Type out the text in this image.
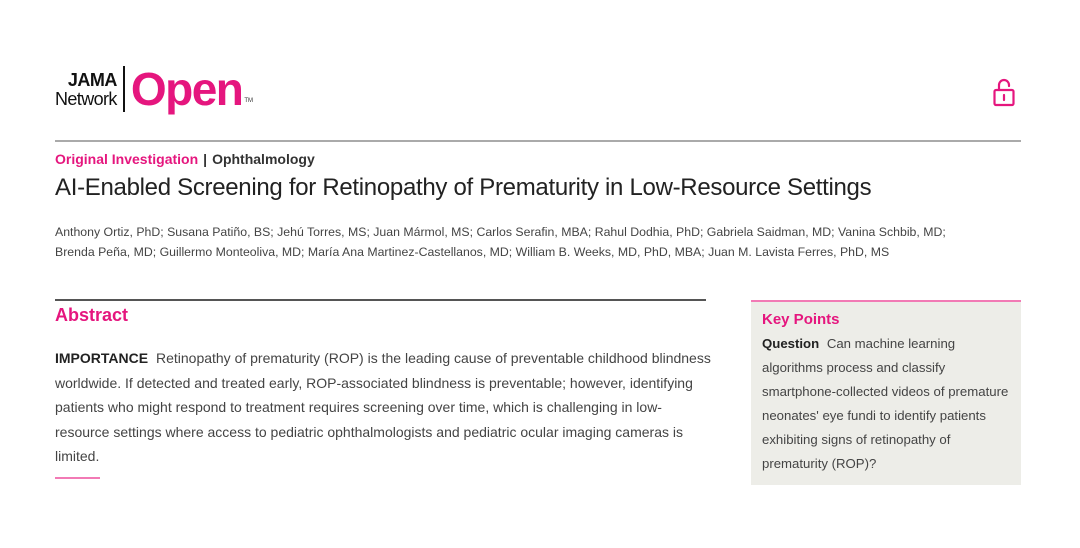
JAMA
Network Open TM
Original Investigation | Ophthalmology
AI-Enabled Screening for Retinopathy of Prematurity in Low-Resource Settings
Anthony Ortiz, PhD; Susana Patiño, BS; Jehú Torres, MS; Juan Mármol, MS; Carlos Serafin, MBA; Rahul Dodhia, PhD; Gabriela Saidman, MD; Vanina Schbib, MD;
Brenda Peña, MD; Guillermo Monteoliva, MD; María Ana Martinez-Castellanos, MD; William B. Weeks, MD, PhD, MBA; Juan M. Lavista Ferres, PhD, MS
Abstract

IMPORTANCE Retinopathy of prematurity (ROP) is the leading cause of preventable childhood blindness worldwide. If detected and treated early, ROP-associated blindness is preventable; however, identifying patients who might respond to treatment requires screening over time, which is challenging in low-resource settings where access to pediatric ophthalmologists and pediatric ocular imaging cameras is limited.

Key Points

Question Can machine learning algorithms process and classify smartphone-collected videos of premature neonates' eye fundi to identify patients exhibiting signs of retinopathy of prematurity (ROP)?
